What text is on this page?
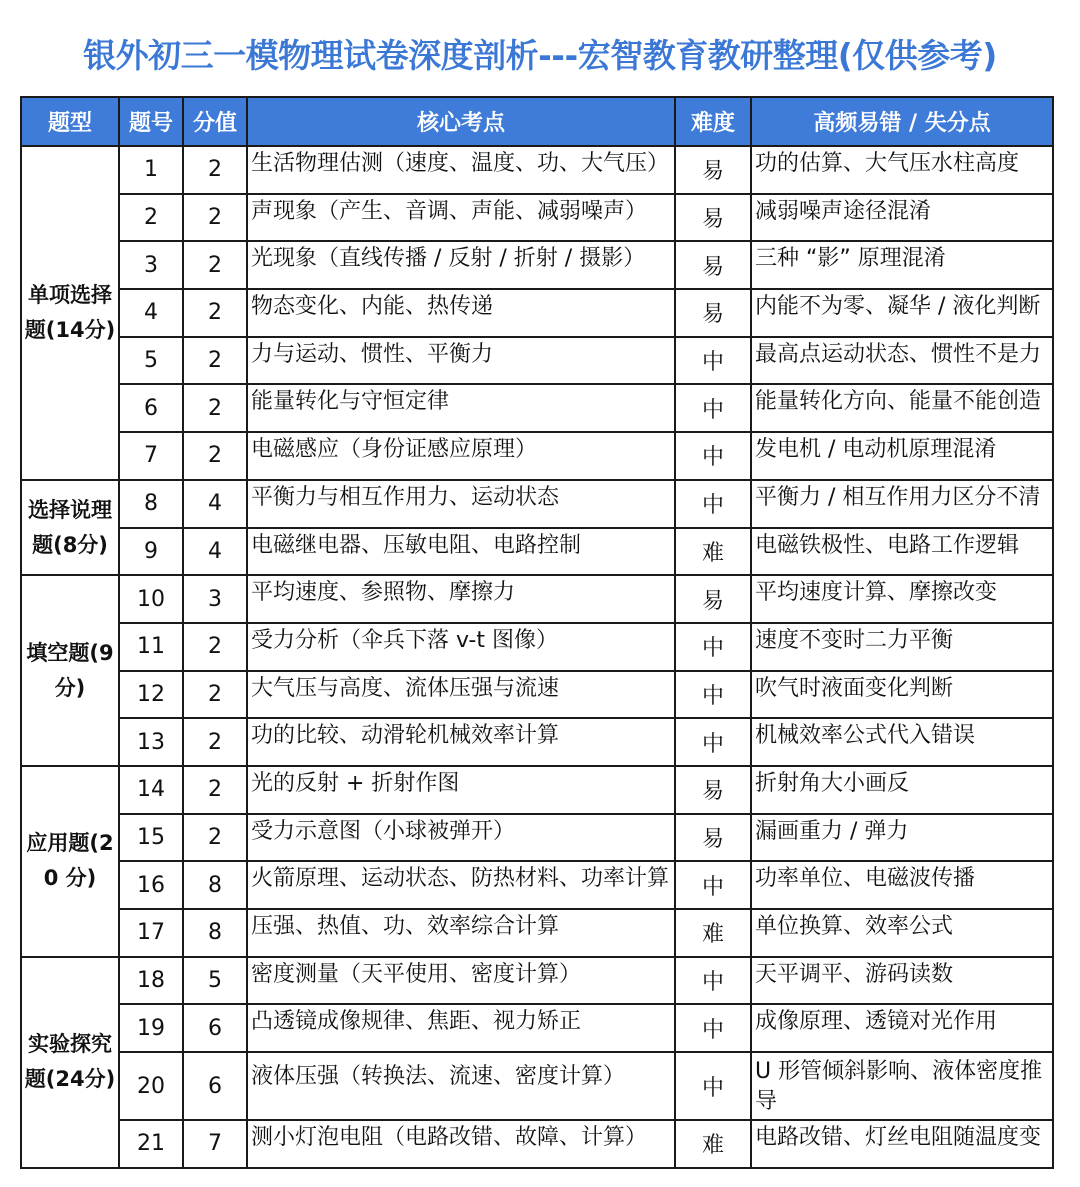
银外初三一模物理试卷深度剖析---宏智教育教研整理(仅供参考)
题型	题号	分值	核心考点	难度	高频易错 / 失分点
单项选择题(14分)	1	2	生活物理估测（速度、温度、功、大气压）	易	功的估算、大气压水柱高度

	2	2	声现象（产生、音调、声能、减弱噪声）	易	减弱噪声途径混淆

	3	2	光现象（直线传播 / 反射 / 折射 / 摄影）	易	三种 “影” 原理混淆

	4	2	物态变化、内能、热传递	易	内能不为零、凝华 / 液化判断

	5	2	力与运动、惯性、平衡力	中	最高点运动状态、惯性不是力

	6	2	能量转化与守恒定律	中	能量转化方向、能量不能创造

	7	2	电磁感应（身份证感应原理）	中	发电机 / 电动机原理混淆

选择说理题(8分)	8	4	平衡力与相互作用力、运动状态	中	平衡力 / 相互作用力区分不清

	9	4	电磁继电器、压敏电阻、电路控制	难	电磁铁极性、电路工作逻辑

填空题(9 分)	10	3	平均速度、参照物、摩擦力	易	平均速度计算、摩擦改变

	11	2	受力分析（伞兵下落 v-t 图像）	中	速度不变时二力平衡

	12	2	大气压与高度、流体压强与流速	中	吹气时液面变化判断

	13	2	功的比较、动滑轮机械效率计算	中	机械效率公式代入错误

应用题(20 分)	14	2	光的反射 + 折射作图	易	折射角大小画反

	15	2	受力示意图（小球被弹开）	易	漏画重力 / 弹力

	16	8	火箭原理、运动状态、防热材料、功率计算	中	功率单位、电磁波传播

	17	8	压强、热值、功、效率综合计算	难	单位换算、效率公式

实验探究题(24分)	18	5	密度测量（天平使用、密度计算）	中	天平调平、游码读数

	19	6	凸透镜成像规律、焦距、视力矫正	中	成像原理、透镜对光作用

	20	6	液体压强（转换法、流速、密度计算）	中	U 形管倾斜影响、液体密度推导

	21	7	测小灯泡电阻（电路改错、故障、计算）	难	电路改错、灯丝电阻随温度变
